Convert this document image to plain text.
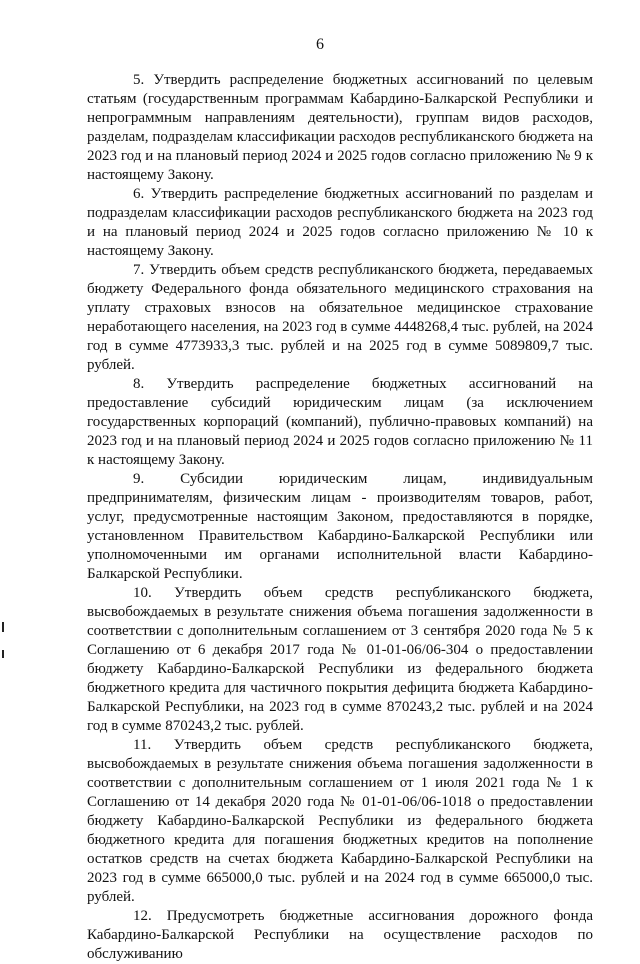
6

5. Утвердить распределение бюджетных ассигнований по целевым статьям (государственным программам Кабардино-Балкарской Республики и непрограммным направлениям деятельности), группам видов расходов, разделам, подразделам классификации расходов республиканского бюджета на 2023 год и на плановый период 2024 и 2025 годов согласно приложению № 9 к настоящему Закону.

6. Утвердить распределение бюджетных ассигнований по разделам и подразделам классификации расходов республиканского бюджета на 2023 год и на плановый период 2024 и 2025 годов согласно приложению № 10 к настоящему Закону.

7. Утвердить объем средств республиканского бюджета, передаваемых бюджету Федерального фонда обязательного медицинского страхования на уплату страховых взносов на обязательное медицинское страхование неработающего населения, на 2023 год в сумме 4448268,4 тыс. рублей, на 2024 год в сумме 4773933,3 тыс. рублей и на 2025 год в сумме 5089809,7 тыс. рублей.

8. Утвердить распределение бюджетных ассигнований на предоставление субсидий юридическим лицам (за исключением государственных корпораций (компаний), публично-правовых компаний) на 2023 год и на плановый период 2024 и 2025 годов согласно приложению № 11 к настоящему Закону.

9. Субсидии юридическим лицам, индивидуальным предпринимателям, физическим лицам - производителям товаров, работ, услуг, предусмотренные настоящим Законом, предоставляются в порядке, установленном Правительством Кабардино-Балкарской Республики или уполномоченными им органами исполнительной власти Кабардино-Балкарской Республики.

10. Утвердить объем средств республиканского бюджета, высвобождаемых в результате снижения объема погашения задолженности в соответствии с дополнительным соглашением от 3 сентября 2020 года № 5 к Соглашению от 6 декабря 2017 года № 01-01-06/06-304 о предоставлении бюджету Кабардино-Балкарской Республики из федерального бюджета бюджетного кредита для частичного покрытия дефицита бюджета Кабардино-Балкарской Республики, на 2023 год в сумме 870243,2 тыс. рублей и на 2024 год в сумме 870243,2 тыс. рублей.

11. Утвердить объем средств республиканского бюджета, высвобождаемых в результате снижения объема погашения задолженности в соответствии с дополнительным соглашением от 1 июля 2021 года № 1 к Соглашению от 14 декабря 2020 года № 01-01-06/06-1018 о предоставлении бюджету Кабардино-Балкарской Республики из федерального бюджета бюджетного кредита для погашения бюджетных кредитов на пополнение остатков средств на счетах бюджета Кабардино-Балкарской Республики на 2023 год в сумме 665000,0 тыс. рублей и на 2024 год в сумме 665000,0 тыс. рублей.

12. Предусмотреть бюджетные ассигнования дорожного фонда Кабардино-Балкарской Республики на осуществление расходов по обслуживанию
